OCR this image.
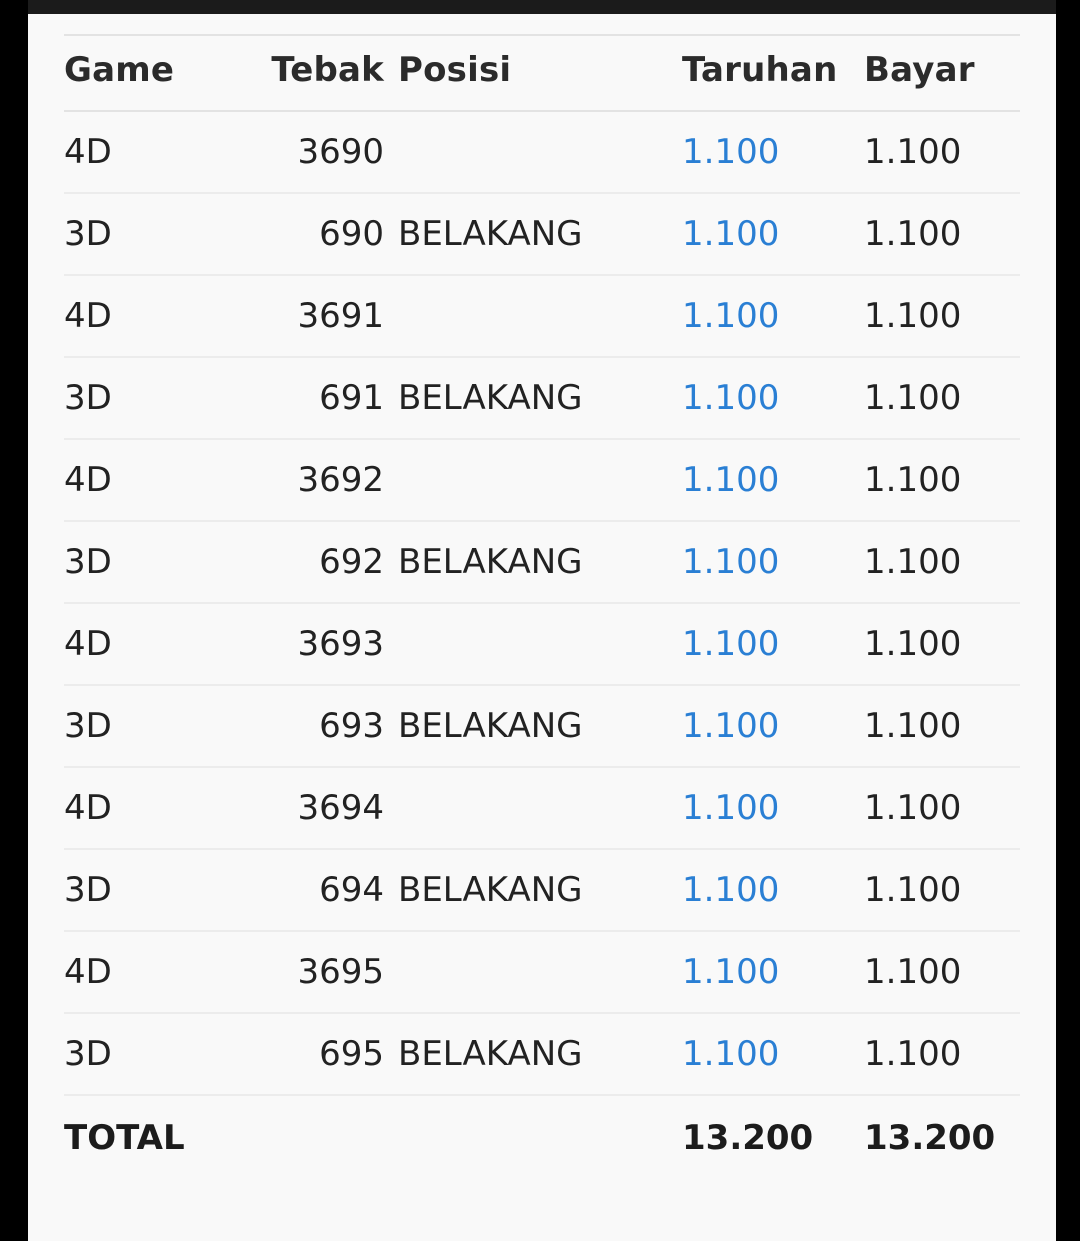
Game	Tebak	Posisi	Taruhan	Bayar
4D	3690		1.100	1.100
3D	690	BELAKANG	1.100	1.100
4D	3691		1.100	1.100
3D	691	BELAKANG	1.100	1.100
4D	3692		1.100	1.100
3D	692	BELAKANG	1.100	1.100
4D	3693		1.100	1.100
3D	693	BELAKANG	1.100	1.100
4D	3694		1.100	1.100
3D	694	BELAKANG	1.100	1.100
4D	3695		1.100	1.100
3D	695	BELAKANG	1.100	1.100
TOTAL			13.200	13.200
